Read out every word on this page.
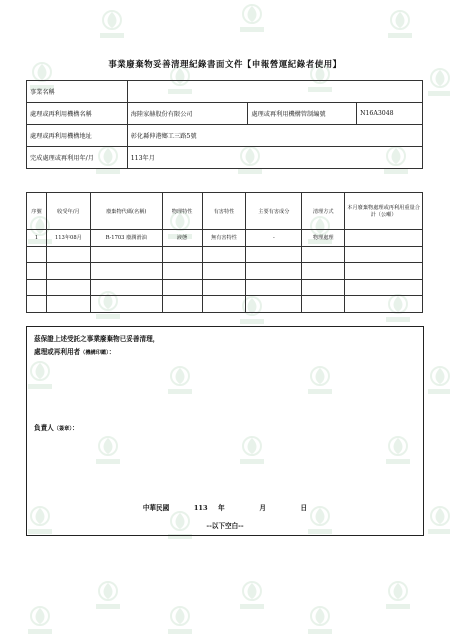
事業廢棄物妥善清理紀錄書面文件【申報營運紀錄者使用】
事業名稱			
處理或再利用機構名稱	海陸家赫股份有限公司	處理或再利用機構管制編號	N16A3048
處理或再利用機構地址	彰化縣伸港鄉工三路5號		
完成處理或再利用年/月	113年月		
序號	收受年/月	廢棄物代碼(名稱)	物理特性	有害特性	主要有害成分	清理方式	本月廢棄物處理或再利用重量合計（公噸）
1	113年08月	R-1703 廢潤滑油	液態	無有害特性	-	物理處理	

茲保證上述受託之事業廢棄物已妥善清理，
處理或再利用者（機構印鑑）：
負責人（簽章）：
中華民國	113 年	月	日
--以下空白--
